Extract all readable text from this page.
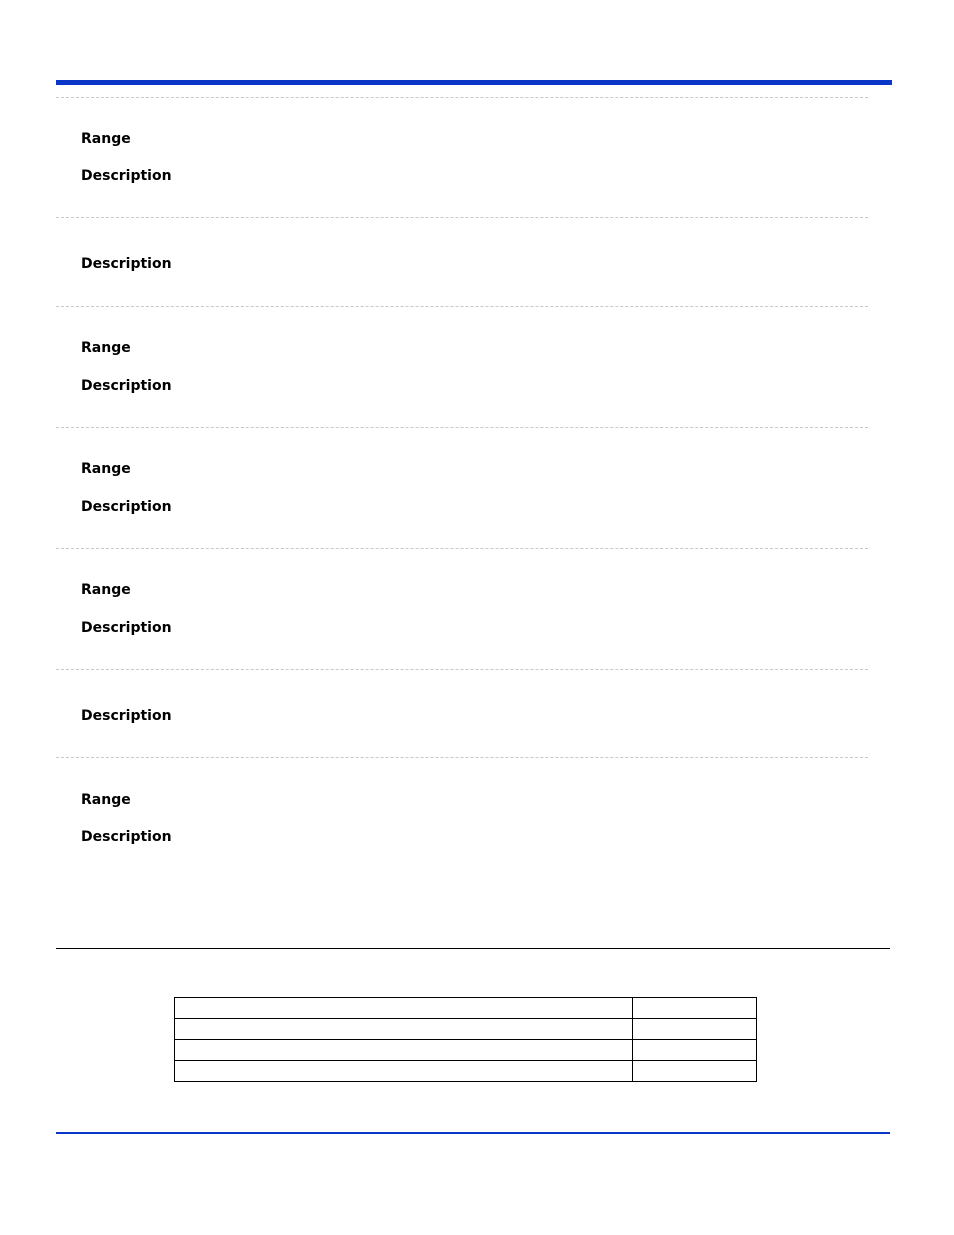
Range
Description
Description
Range
Description
Range
Description
Range
Description
Description
Range
Description
